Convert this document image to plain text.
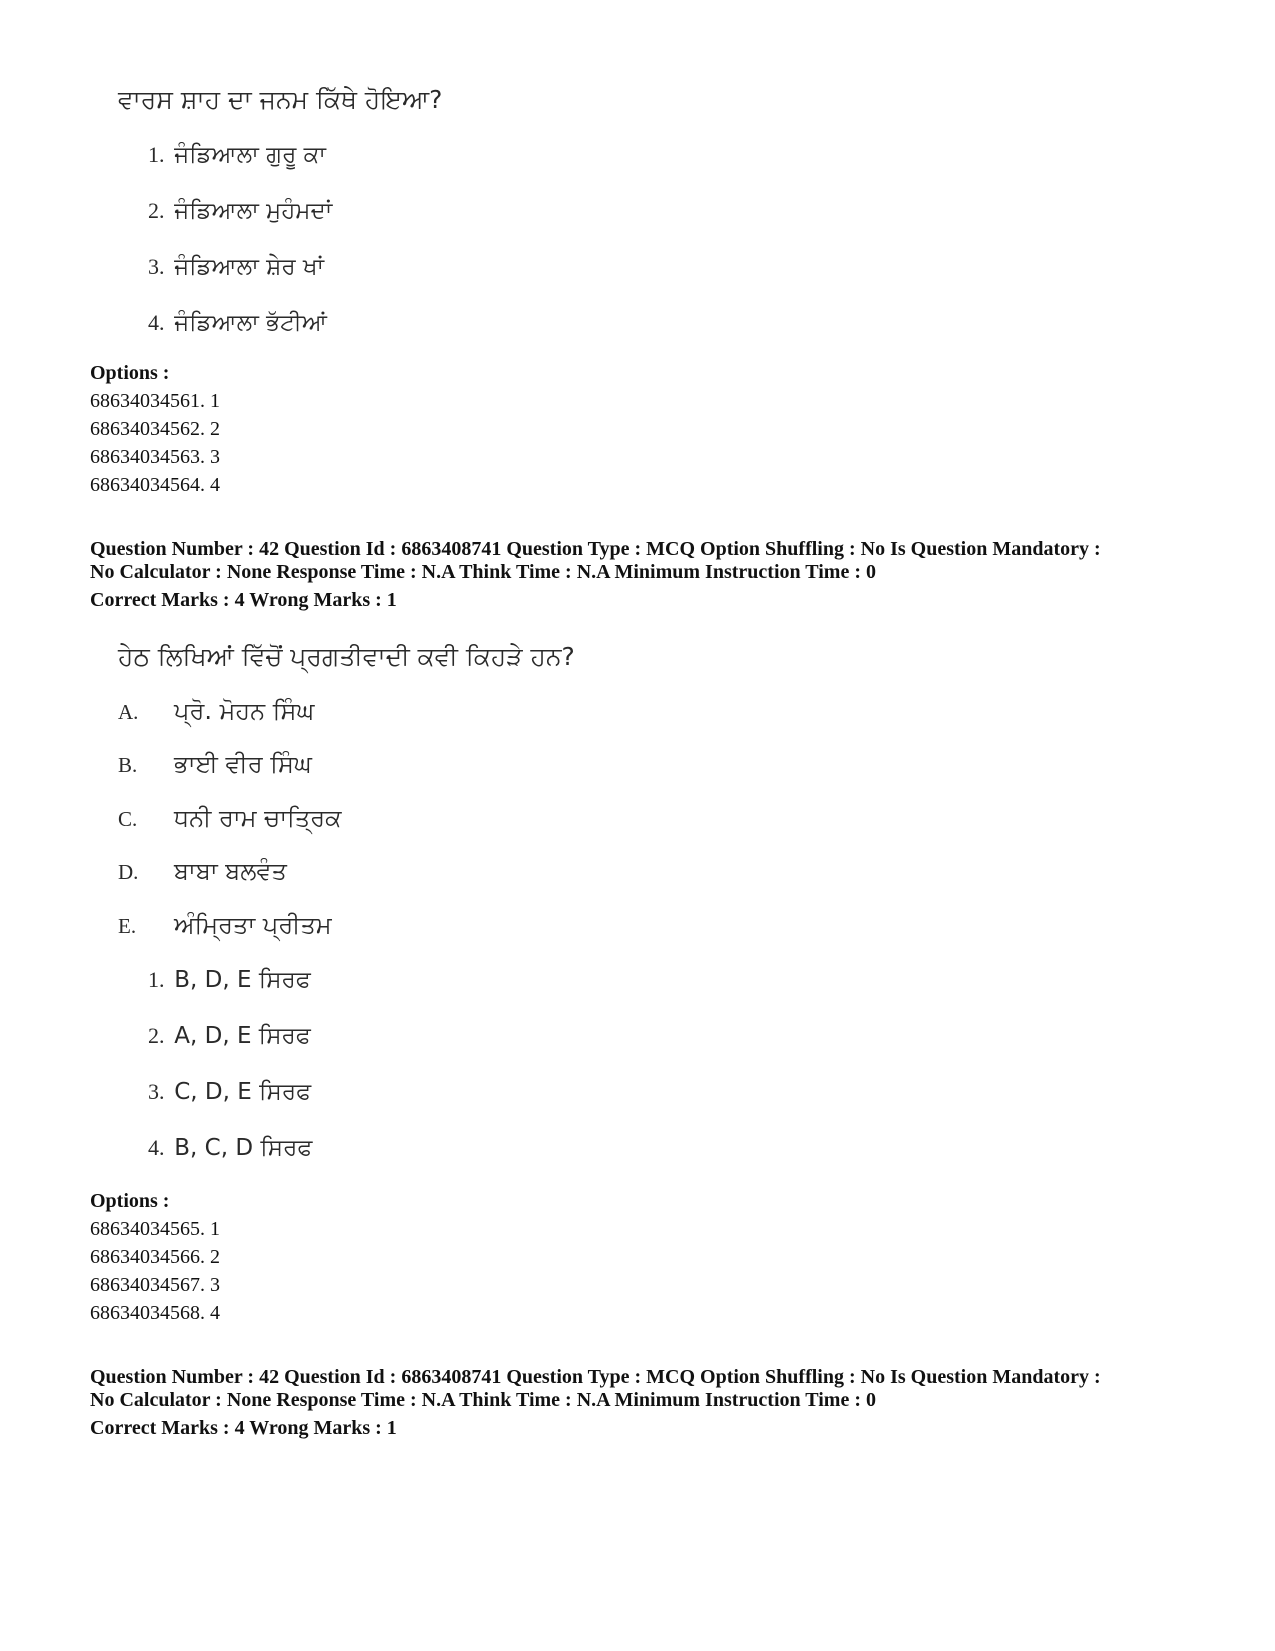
ਵਾਰਸ ਸ਼ਾਹ ਦਾ ਜਨਮ ਕਿੱਥੇ ਹੋਇਆ?
1. ਜੰਡਿਆਲਾ ਗੁਰੂ ਕਾ
2. ਜੰਡਿਆਲਾ ਮੁਹੰਮਦਾਂ
3. ਜੰਡਿਆਲਾ ਸ਼ੇਰ ਖਾਂ
4. ਜੰਡਿਆਲਾ ਭੱਟੀਆਂ
Options :
68634034561. 1
68634034562. 2
68634034563. 3
68634034564. 4
Question Number : 42 Question Id : 6863408741 Question Type : MCQ Option Shuffling : No Is Question Mandatory :
No Calculator : None Response Time : N.A Think Time : N.A Minimum Instruction Time : 0
Correct Marks : 4 Wrong Marks : 1
ਹੇਠ ਲਿਖਿਆਂ ਵਿੱਚੋਂ ਪ੍ਰਗਤੀਵਾਦੀ ਕਵੀ ਕਿਹੜੇ ਹਨ?
A. ਪ੍ਰੋ. ਮੋਹਨ ਸਿੰਘ
B. ਭਾਈ ਵੀਰ ਸਿੰਘ
C. ਧਨੀ ਰਾਮ ਚਾਤ੍ਰਿਕ
D. ਬਾਬਾ ਬਲਵੰਤ
E. ਅੰਮ੍ਰਿਤਾ ਪ੍ਰੀਤਮ
1. B, D, E ਸਿਰਫ
2. A, D, E ਸਿਰਫ
3. C, D, E ਸਿਰਫ
4. B, C, D ਸਿਰਫ
Options :
68634034565. 1
68634034566. 2
68634034567. 3
68634034568. 4
Question Number : 42 Question Id : 6863408741 Question Type : MCQ Option Shuffling : No Is Question Mandatory :
No Calculator : None Response Time : N.A Think Time : N.A Minimum Instruction Time : 0
Correct Marks : 4 Wrong Marks : 1
